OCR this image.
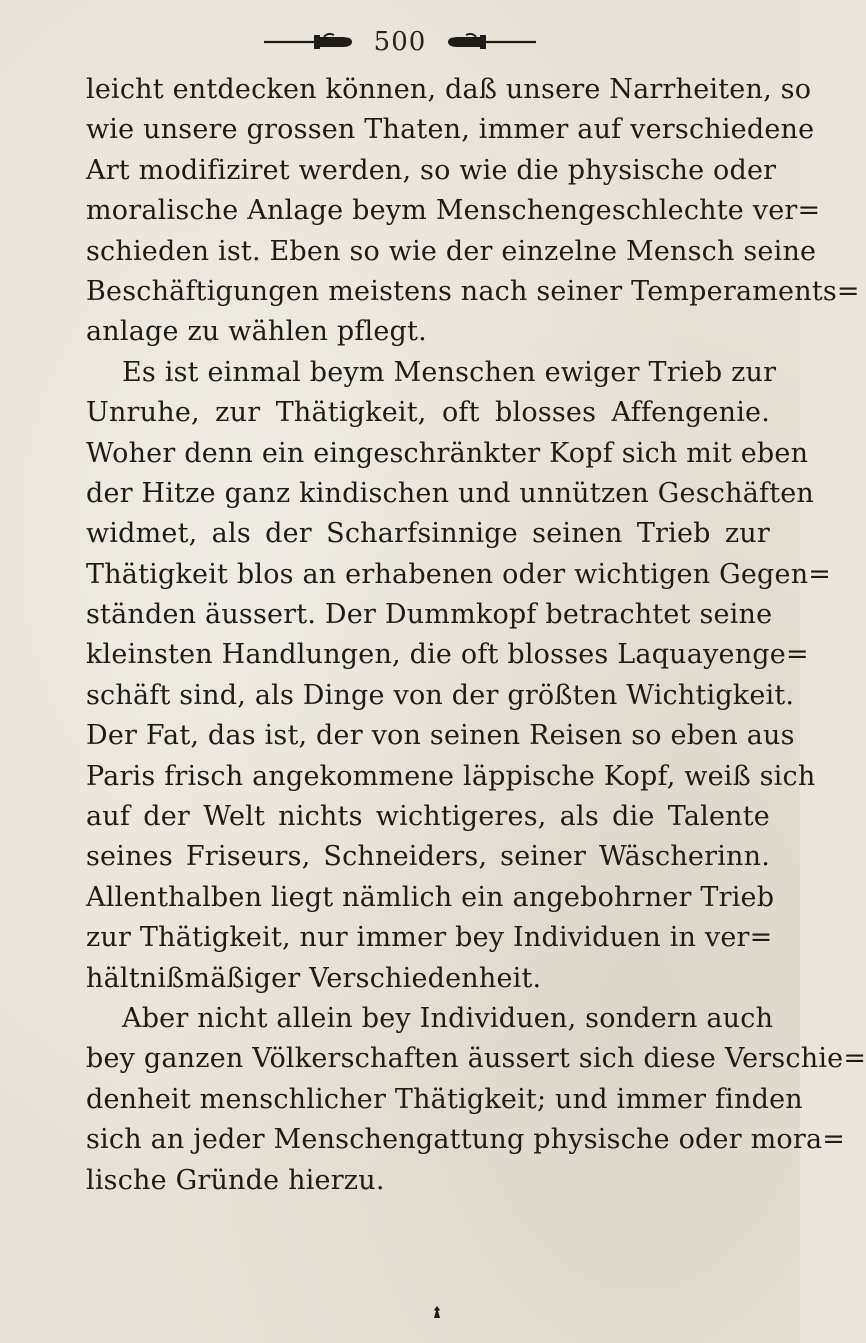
500
leicht entdecken können, daß unsere Narrheiten, so
wie unsere grossen Thaten, immer auf verschiedene
Art modifiziret werden, so wie die physische oder
moralische Anlage beym Menschengeschlechte ver=
schieden ist. Eben so wie der einzelne Mensch seine
Beschäftigungen meistens nach seiner Temperaments=
anlage zu wählen pflegt.
Es ist einmal beym Menschen ewiger Trieb zur
Unruhe, zur Thätigkeit, oft blosses Affengenie.
Woher denn ein eingeschränkter Kopf sich mit eben
der Hitze ganz kindischen und unnützen Geschäften
widmet, als der Scharfsinnige seinen Trieb zur
Thätigkeit blos an erhabenen oder wichtigen Gegen=
ständen äussert. Der Dummkopf betrachtet seine
kleinsten Handlungen, die oft blosses Laquayenge=
schäft sind, als Dinge von der größten Wichtigkeit.
Der Fat, das ist, der von seinen Reisen so eben aus
Paris frisch angekommene läppische Kopf, weiß sich
auf der Welt nichts wichtigeres, als die Talente
seines Friseurs, Schneiders, seiner Wäscherinn.
Allenthalben liegt nämlich ein angebohrner Trieb
zur Thätigkeit, nur immer bey Individuen in ver=
hältnißmäßiger Verschiedenheit.
Aber nicht allein bey Individuen, sondern auch
bey ganzen Völkerschaften äussert sich diese Verschie=
denheit menschlicher Thätigkeit; und immer finden
sich an jeder Menschengattung physische oder mora=
lische Gründe hierzu.
